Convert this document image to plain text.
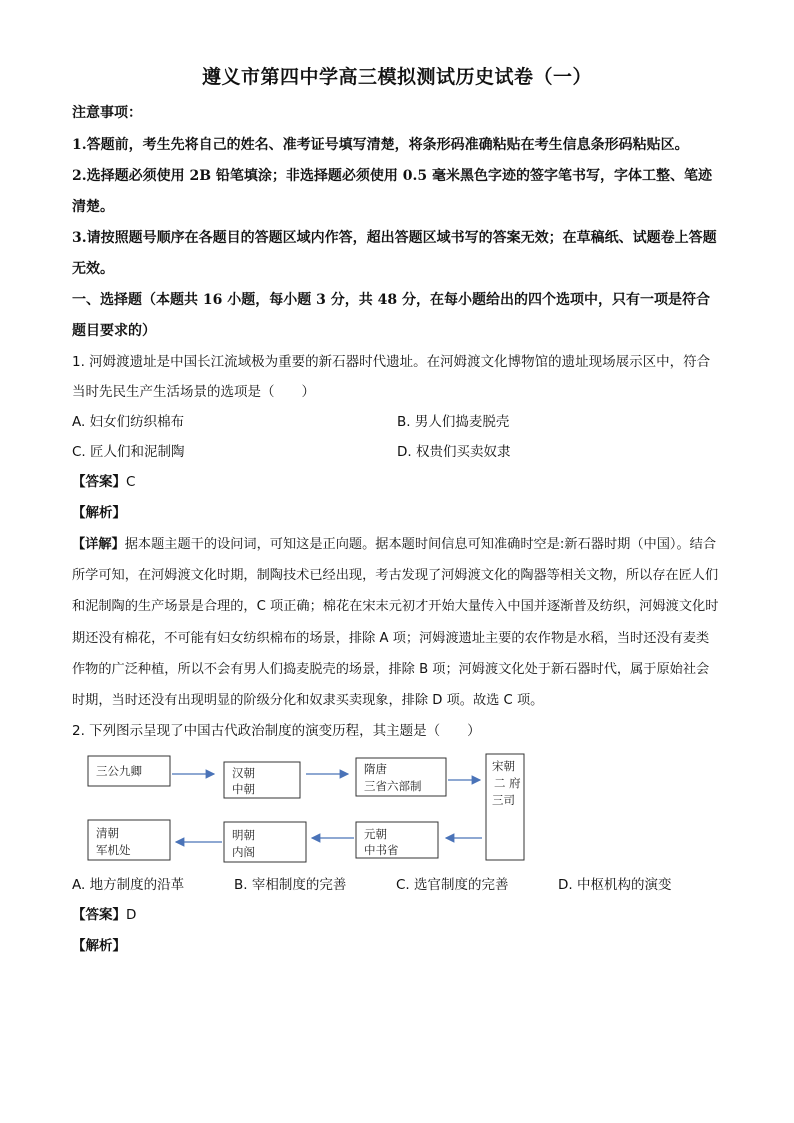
遵义市第四中学高三模拟测试历史试卷（一）
注意事项：
1.答题前，考生先将自己的姓名、准考证号填写清楚，将条形码准确粘贴在考生信息条形码粘贴区。
2.选择题必须使用 2B 铅笔填涂；非选择题必须使用 0.5 毫米黑色字迹的签字笔书写，字体工整、笔迹清楚。
3.请按照题号顺序在各题目的答题区域内作答，超出答题区域书写的答案无效；在草稿纸、试题卷上答题无效。
一、选择题（本题共 16 小题，每小题 3 分，共 48 分，在每小题给出的四个选项中，只有一项是符合题目要求的）
1. 河姆渡遗址是中国长江流域极为重要的新石器时代遗址。在河姆渡文化博物馆的遗址现场展示区中，符合当时先民生产生活场景的选项是（　　）
A. 妇女们纺织棉布	B. 男人们捣麦脱壳
C. 匠人们和泥制陶	D. 权贵们买卖奴隶
【答案】C
【解析】
【详解】据本题主题干的设问词，可知这是正向题。据本题时间信息可知准确时空是:新石器时期（中国）。结合所学可知，在河姆渡文化时期，制陶技术已经出现，考古发现了河姆渡文化的陶器等相关文物，所以存在匠人们和泥制陶的生产场景是合理的，C 项正确；棉花在宋末元初才开始大量传入中国并逐渐普及纺织，河姆渡文化时期还没有棉花，不可能有妇女纺织棉布的场景，排除 A 项；河姆渡遗址主要的农作物是水稻，当时还没有麦类作物的广泛种植，所以不会有男人们捣麦脱壳的场景，排除 B 项；河姆渡文化处于新石器时代，属于原始社会时期，当时还没有出现明显的阶级分化和奴隶买卖现象，排除 D 项。故选 C 项。
2. 下列图示呈现了中国古代政治制度的演变历程，其主题是（　　）
三公九卿	汉朝
中朝
隋唐
三省六部制
宋朝
二 府
三司
元朝
中书省
明朝
内阁
清朝
军机处
A. 地方制度的沿革	B. 宰相制度的完善	C. 选官制度的完善	D. 中枢机构的演变
【答案】D
【解析】
